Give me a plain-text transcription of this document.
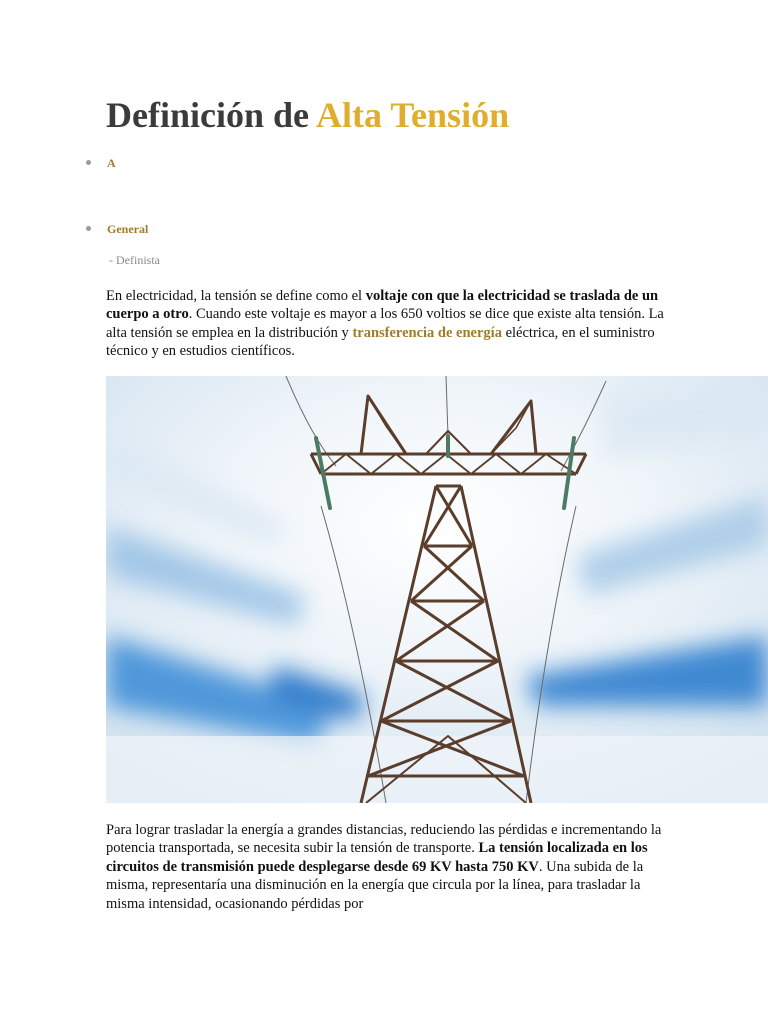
Definición de Alta Tensión
A
General
- Definista

En electricidad, la tensión se define como el voltaje con que la electricidad se traslada de un cuerpo a otro. Cuando este voltaje es mayor a los 650 voltios se dice que existe alta tensión. La alta tensión se emplea en la distribución y transferencia de energía eléctrica, en el suministro técnico y en estudios científicos.

Para lograr trasladar la energía a grandes distancias, reduciendo las pérdidas e incrementando la potencia transportada, se necesita subir la tensión de transporte. La tensión localizada en los circuitos de transmisión puede desplegarse desde 69 KV hasta 750 KV. Una subida de la misma, representaría una disminución en la energía que circula por la línea, para trasladar la misma intensidad, ocasionando pérdidas por
